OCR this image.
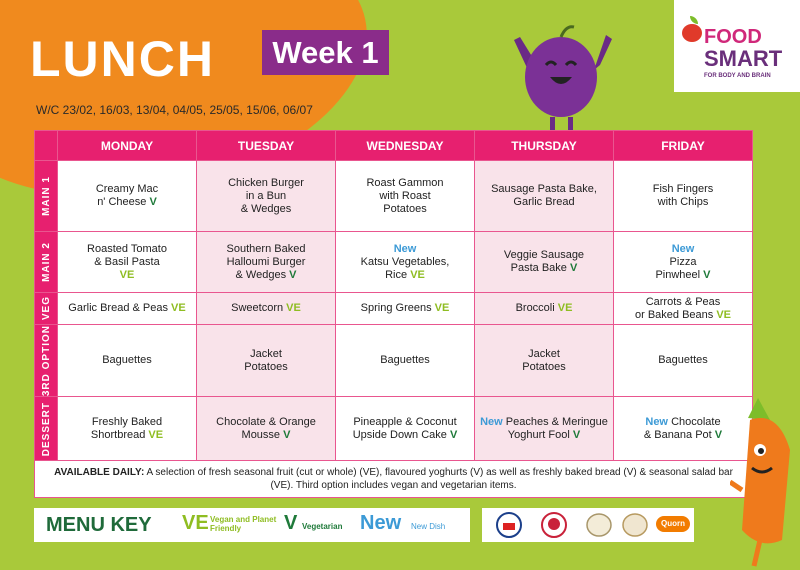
LUNCH	Week 1
W/C 23/02, 16/03, 13/04, 04/05, 25/05, 15/06, 06/07
FOOD
SMART
FOR BODY AND BRAIN
	MONDAY	TUESDAY	WEDNESDAY	THURSDAY	FRIDAY

MAIN 1	Creamy Mac
n' Cheese V	Chicken Burger
in a Bun
& Wedges	Roast Gammon
with Roast
Potatoes	Sausage Pasta Bake,
Garlic Bread	Fish Fingers
with Chips

MAIN 2	Roasted Tomato
& Basil Pasta
VE	Southern Baked
Halloumi Burger
& Wedges V	New
Katsu Vegetables,
Rice VE	Veggie Sausage
Pasta Bake V	New
Pizza
Pinwheel V

VEG	Garlic Bread & Peas VE	Sweetcorn VE	Spring Greens VE	Broccoli VE	Carrots & Peas
or Baked Beans VE

3RD OPTION	Baguettes	Jacket
Potatoes	Baguettes	Jacket
Potatoes	Baguettes

DESSERT	Freshly Baked
Shortbread VE	Chocolate & Orange
Mousse V	Pineapple & Coconut
Upside Down Cake V	New Peaches & Meringue
Yoghurt Fool V	New Chocolate
& Banana Pot V
AVAILABLE DAILY: A selection of fresh seasonal fruit (cut or whole) (VE), flavoured yoghurts (V) as well as freshly baked bread (V) & seasonal salad bar (VE). Third option includes vegan and vegetarian items.					
MENU KEY VE Vegan and Planet Friendly	V Vegetarian New New Dish	Quorn
